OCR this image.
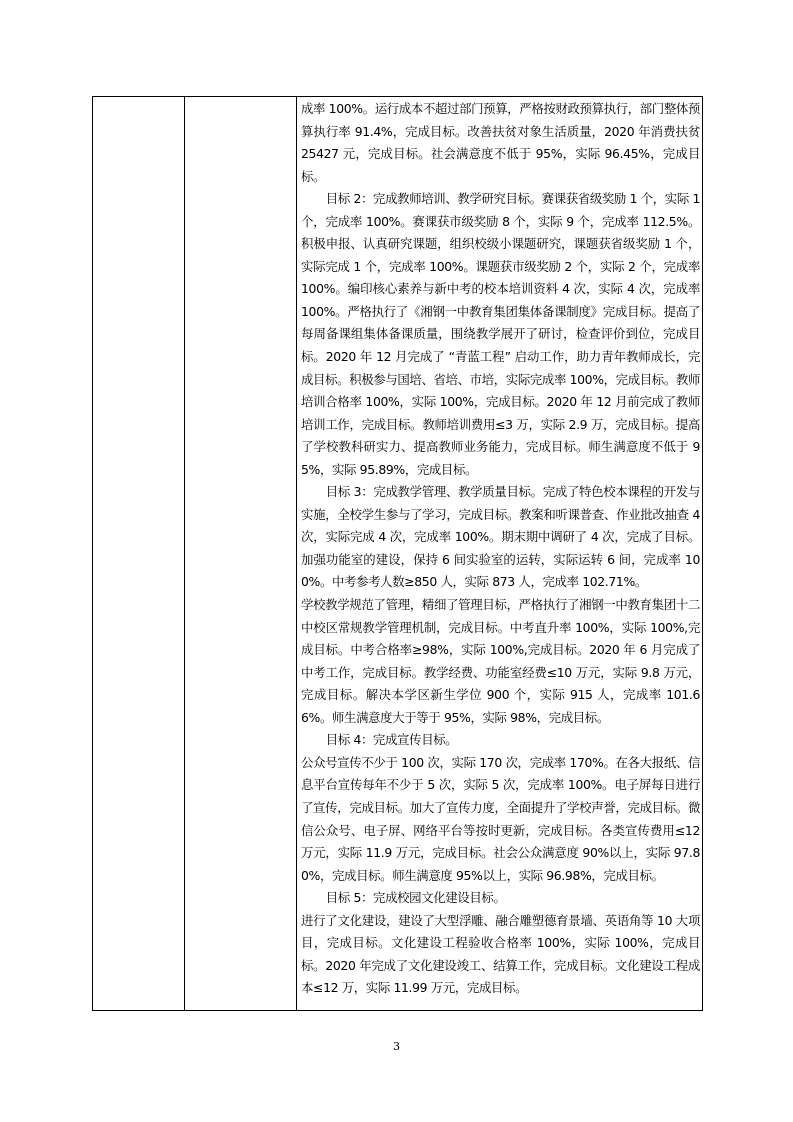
成率 100%。运行成本不超过部门预算，严格按财政预算执行，部门整体预算执行率 91.4%，完成目标。改善扶贫对象生活质量，2020 年消费扶贫 25427 元，完成目标。社会满意度不低于 95%，实际 96.45%，完成目标。

目标 2：完成教师培训、教学研究目标。赛课获省级奖励 1 个，实际 1 个，完成率 100%。赛课获市级奖励 8 个，实际 9 个，完成率 112.5%。积极申报、认真研究课题，组织校级小课题研究，课题获省级奖励 1 个，实际完成 1 个，完成率 100%。课题获市级奖励 2 个，实际 2 个，完成率 100%。编印核心素养与新中考的校本培训资料 4 次，实际 4 次，完成率 100%。严格执行了《湘钢一中教育集团集体备课制度》完成目标。提高了每周备课组集体备课质量，围绕教学展开了研讨，检查评价到位，完成目标。2020 年 12 月完成了 “青蓝工程” 启动工作，助力青年教师成长，完成目标。积极参与国培、省培、市培，实际完成率 100%，完成目标。教师培训合格率 100%，实际 100%，完成目标。2020 年 12 月前完成了教师培训工作，完成目标。教师培训费用≤3 万，实际 2.9 万，完成目标。提高了学校教科研实力、提高教师业务能力，完成目标。师生满意度不低于 95%，实际 95.89%，完成目标。

目标 3：完成教学管理、教学质量目标。完成了特色校本课程的开发与实施，全校学生参与了学习，完成目标。教案和听课普查、作业批改抽查 4 次，实际完成 4 次，完成率 100%。期末期中调研了 4 次，完成了目标。加强功能室的建设，保持 6 间实验室的运转，实际运转 6 间，完成率 100%。中考参考人数≥850 人，实际 873 人，完成率 102.71%。

学校教学规范了管理，精细了管理目标，严格执行了湘钢一中教育集团十二中校区常规教学管理机制，完成目标。中考直升率 100%，实际 100%,完成目标。中考合格率≥98%，实际 100%,完成目标。2020 年 6 月完成了中考工作，完成目标。教学经费、功能室经费≤10 万元，实际 9.8 万元，完成目标。解决本学区新生学位 900 个，实际 915 人，完成率 101.66%。师生满意度大于等于 95%，实际 98%，完成目标。

目标 4：完成宣传目标。

公众号宣传不少于 100 次，实际 170 次，完成率 170%。在各大报纸、信息平台宣传每年不少于 5 次，实际 5 次，完成率 100%。电子屏每日进行了宣传，完成目标。加大了宣传力度，全面提升了学校声誉，完成目标。微信公众号、电子屏、网络平台等按时更新，完成目标。各类宣传费用≤12 万元，实际 11.9 万元，完成目标。社会公众满意度 90%以上，实际 97.80%，完成目标。师生满意度 95%以上，实际 96.98%，完成目标。

目标 5：完成校园文化建设目标。

进行了文化建设，建设了大型浮雕、融合雕塑德育景墙、英语角等 10 大项目，完成目标。文化建设工程验收合格率 100%，实际 100%，完成目标。2020 年完成了文化建设竣工、结算工作，完成目标。文化建设工程成本≤12 万，实际 11.99 万元，完成目标。

3
